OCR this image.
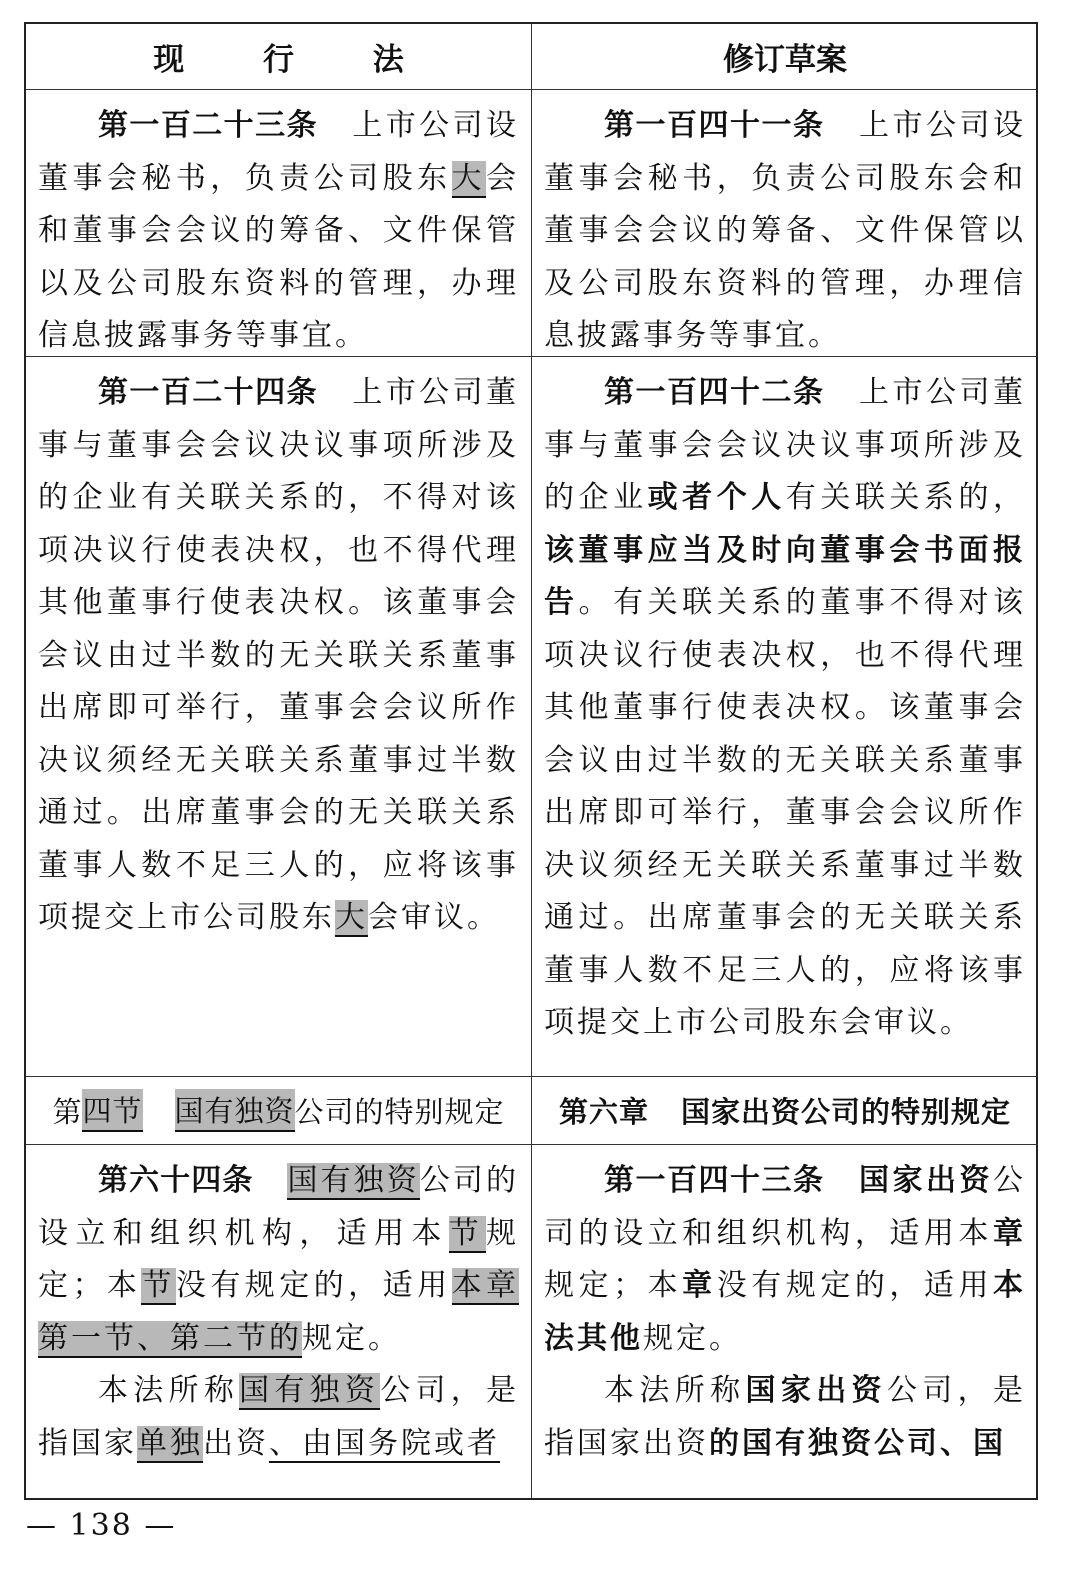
现 行 法	修订草案

第一百二十三条 上市公司设董事会秘书，负责公司股东大会和董事会会议的筹备、文件保管以及公司股东资料的管理，办理信息披露事务等事宜。

第一百四十一条 上市公司设董事会秘书，负责公司股东会和董事会会议的筹备、文件保管以及公司股东资料的管理，办理信息披露事务等事宜。

第一百二十四条 上市公司董事与董事会会议决议事项所涉及的企业有关联关系的，不得对该项决议行使表决权，也不得代理其他董事行使表决权。该董事会会议由过半数的无关联关系董事出席即可举行，董事会会议所作决议须经无关联关系董事过半数通过。出席董事会的无关联关系董事人数不足三人的，应将该事项提交上市公司股东大会审议。

第一百四十二条 上市公司董事与董事会会议决议事项所涉及的企业或者个人有关联关系的，该董事应当及时向董事会书面报告。有关联关系的董事不得对该项决议行使表决权，也不得代理其他董事行使表决权。该董事会会议由过半数的无关联关系董事出席即可举行，董事会会议所作决议须经无关联关系董事过半数通过。出席董事会的无关联关系董事人数不足三人的，应将该事项提交上市公司股东会审议。

第 四节 国有独资 公司的特别规定 第六章 国家出资公司的特别规定

第六十四条 国有独资公司的设立和组织机构，适用本节规定；本节没有规定的，适用本章第一节、第二节的规定。

本法所称国有独资公司，是指国家单独出资、由国务院或者

第一百四十三条 国家出资公司的设立和组织机构，适用本章规定；本章没有规定的，适用本法其他规定。

本法所称国家出资公司，是指国家出资的国有独资公司、国

— 138 —
